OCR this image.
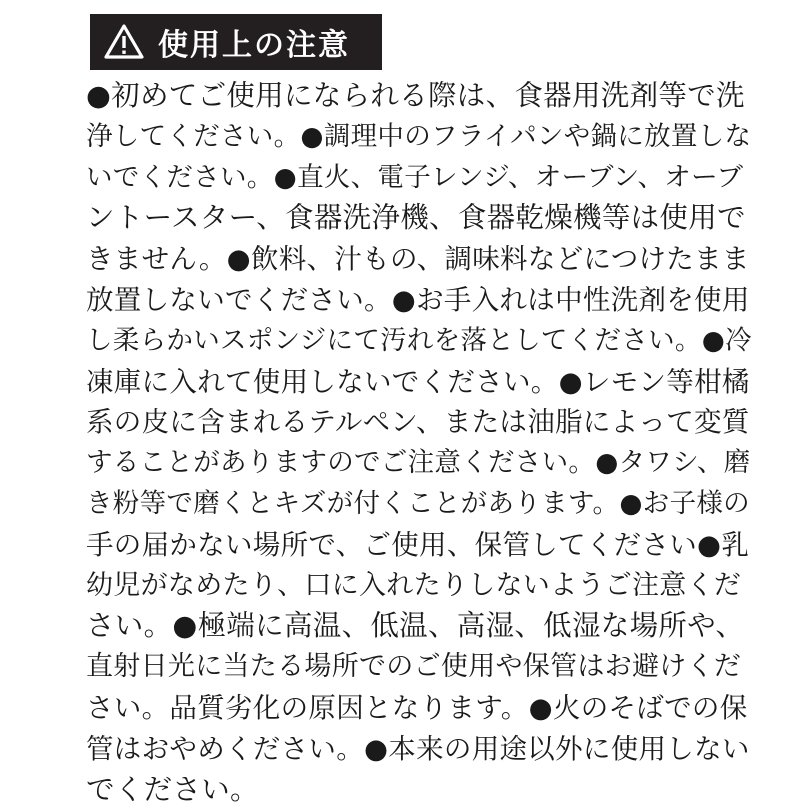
使用上の注意
●初めてご使用になられる際は、食器用洗剤等で洗
浄してください。●調理中のフライパンや鍋に放置しな
いでください。●直火、電子レンジ、オーブン、オーブ
ントースター、食器洗浄機、食器乾燥機等は使用で
きません。●飲料、汁もの、調味料などにつけたまま
放置しないでください。●お手入れは中性洗剤を使用
し柔らかいスポンジにて汚れを落としてください。●冷
凍庫に入れて使用しないでください。●レモン等柑橘
系の皮に含まれるテルペン、または油脂によって変質
することがありますのでご注意ください。●タワシ、磨
き粉等で磨くとキズが付くことがあります。●お子様の
手の届かない場所で、ご使用、保管してください●乳
幼児がなめたり、口に入れたりしないようご注意くだ
さい。●極端に高温、低温、高湿、低湿な場所や、
直射日光に当たる場所でのご使用や保管はお避けくだ
さい。品質劣化の原因となります。●火のそばでの保
管はおやめください。●本来の用途以外に使用しない
でください。
